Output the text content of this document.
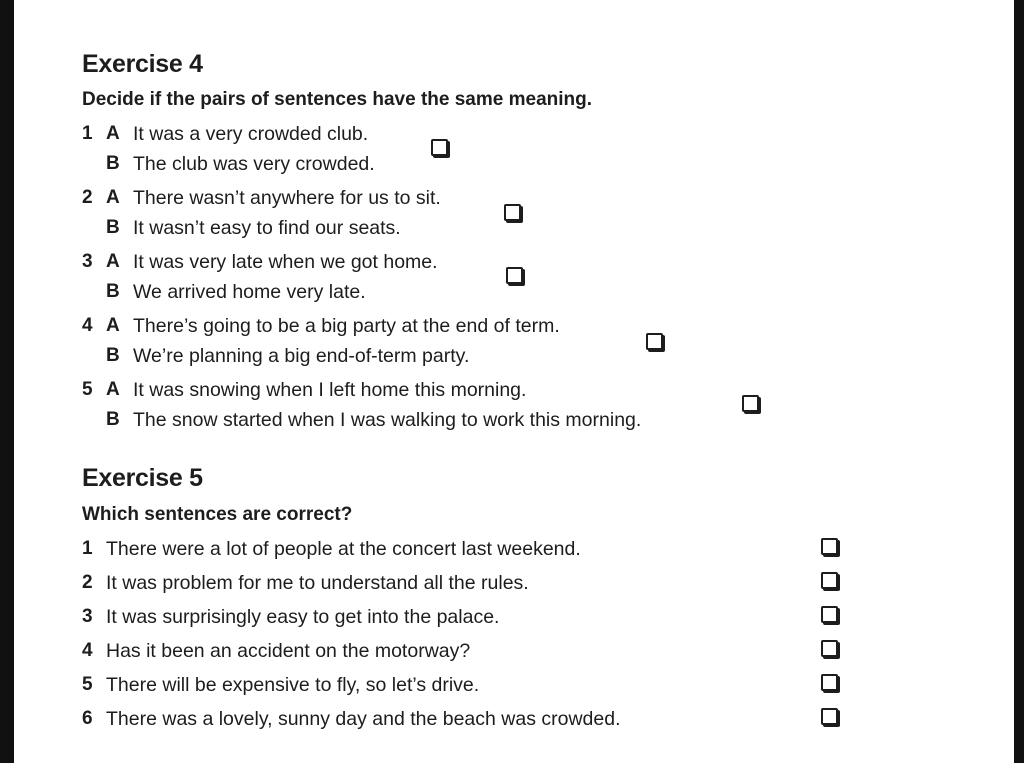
Exercise 4
Decide if the pairs of sentences have the same meaning.
1 A It was a very crowded club.
B The club was very crowded.
2 A There wasn’t anywhere for us to sit.
B It wasn’t easy to find our seats.
3 A It was very late when we got home.
B We arrived home very late.
4 A There’s going to be a big party at the end of term.
B We’re planning a big end-of-term party.
5 A It was snowing when I left home this morning.
B The snow started when I was walking to work this morning.
Exercise 5
Which sentences are correct?
1 There were a lot of people at the concert last weekend.
2 It was problem for me to understand all the rules.
3 It was surprisingly easy to get into the palace.
4 Has it been an accident on the motorway?
5 There will be expensive to fly, so let’s drive.
6 There was a lovely, sunny day and the beach was crowded.
